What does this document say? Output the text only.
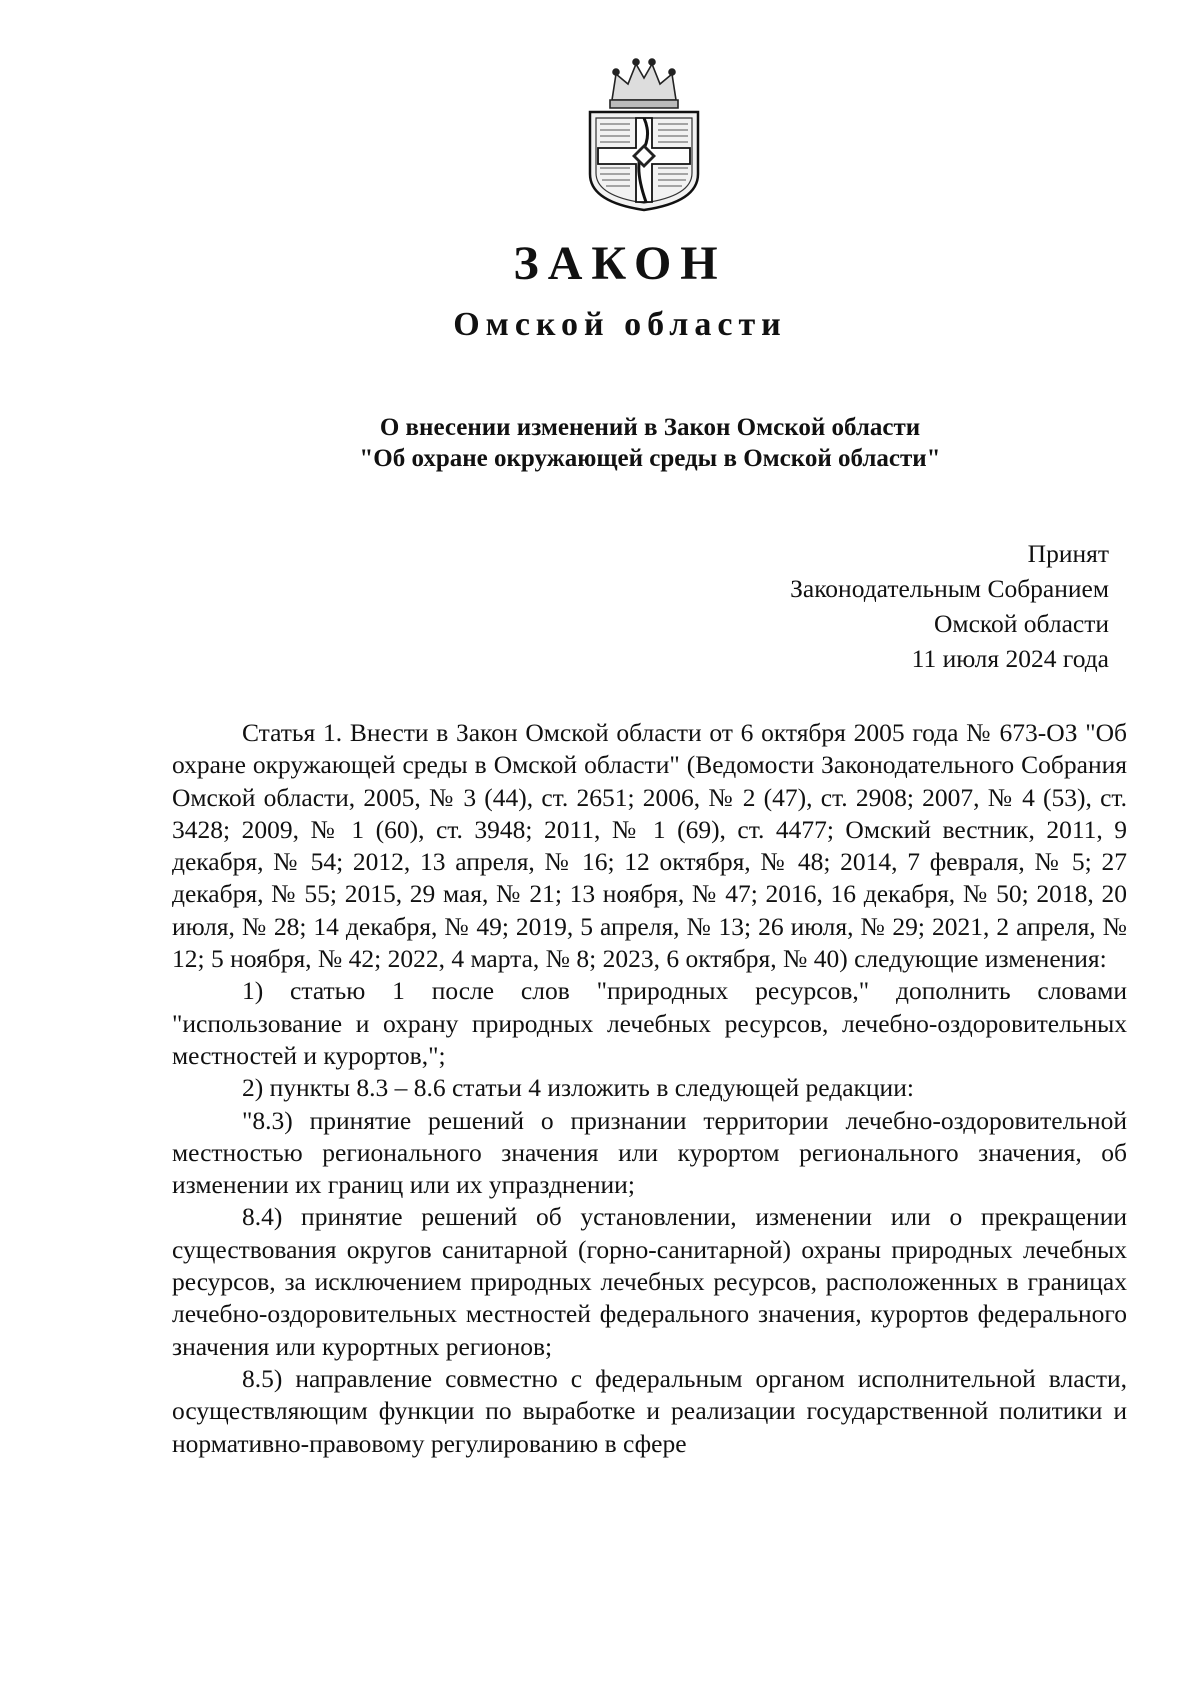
ЗАКОН
Омской области
О внесении изменений в Закон Омской области
"Об охране окружающей среды в Омской области"
Принят
Законодательным Собранием
Омской области
11 июля 2024 года

Статья 1. Внести в Закон Омской области от 6 октября 2005 года № 673-ОЗ "Об охране окружающей среды в Омской области" (Ведомости Законодательного Собрания Омской области, 2005, № 3 (44), ст. 2651; 2006, № 2 (47), ст. 2908; 2007, № 4 (53), ст. 3428; 2009, № 1 (60), ст. 3948; 2011, № 1 (69), ст. 4477; Омский вестник, 2011, 9 декабря, № 54; 2012, 13 апреля, № 16; 12 октября, № 48; 2014, 7 февраля, № 5; 27 декабря, № 55; 2015, 29 мая, № 21; 13 ноября, № 47; 2016, 16 декабря, № 50; 2018, 20 июля, № 28; 14 декабря, № 49; 2019, 5 апреля, № 13; 26 июля, № 29; 2021, 2 апреля, № 12; 5 ноября, № 42; 2022, 4 марта, № 8; 2023, 6 октября, № 40) следующие изменения:

1) статью 1 после слов "природных ресурсов," дополнить словами "использование и охрану природных лечебных ресурсов, лечебно-оздоровительных местностей и курортов,";

2) пункты 8.3 – 8.6 статьи 4 изложить в следующей редакции:

"8.3) принятие решений о признании территории лечебно-оздоровительной местностью регионального значения или курортом регионального значения, об изменении их границ или их упразднении;

8.4) принятие решений об установлении, изменении или о прекращении существования округов санитарной (горно-санитарной) охраны природных лечебных ресурсов, за исключением природных лечебных ресурсов, расположенных в границах лечебно-оздоровительных местностей федерального значения, курортов федерального значения или курортных регионов;

8.5) направление совместно с федеральным органом исполнительной власти, осуществляющим функции по выработке и реализации государственной политики и нормативно-правовому регулированию в сфере
